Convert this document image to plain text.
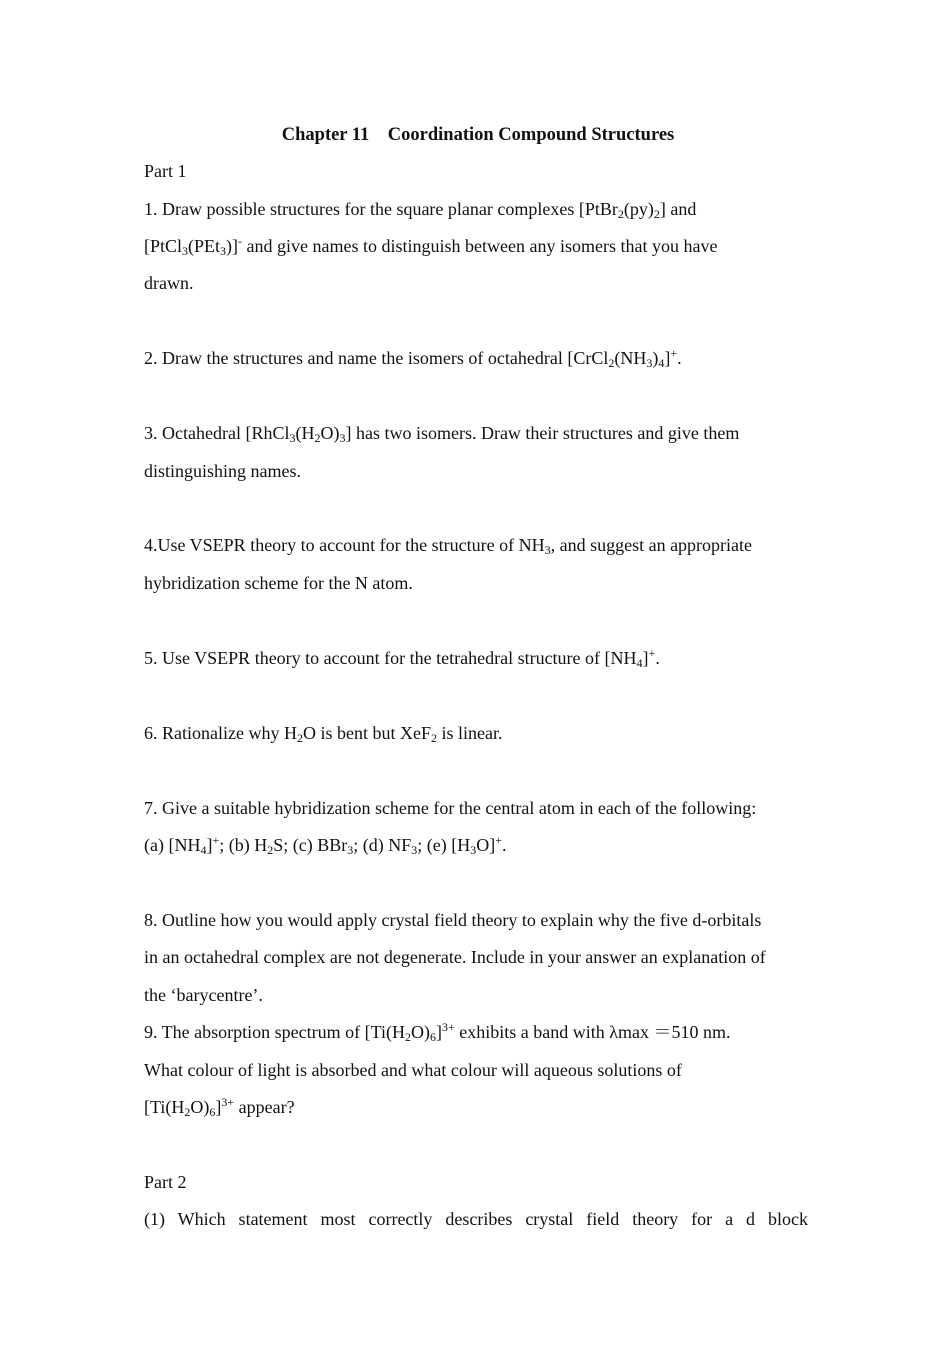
Chapter 11　Coordination Compound Structures
Part 1
1. Draw possible structures for the square planar complexes $[PtBr_2(py)_2]$ and
[PtCl$_3$(PEt$_3$)]- and give names to distinguish between any isomers that you have
drawn.
2. Draw the structures and name the isomers of octahedral $[CrCl_2(NH_3)_4]^+$.
3. Octahedral $[RhCl_3(H_2O)_3]$ has two isomers. Draw their structures and give them
distinguishing names.
4.Use VSEPR theory to account for the structure of $NH_3$, and suggest an appropriate
hybridization scheme for the N atom.
5. Use VSEPR theory to account for the tetrahedral structure of $[NH_4]^+$.
6. Rationalize why $H_2O$ is bent but XeF$_2$ is linear.
7. Give a suitable hybridization scheme for the central atom in each of the following:
(a) $[NH_4]^+$; (b) $H_2S$; (c) BBr$_3$; (d) $NF_3$; (e) $[H_3O]^+$.
8. Outline how you would apply crystal field theory to explain why the five d-orbitals
in an octahedral complex are not degenerate. Include in your answer an explanation of
the ‘barycentre’.
9. The absorption spectrum of $[Ti(H_2O)_6]^{3+}$ exhibits a band with λmax ＝510 nm.
What colour of light is absorbed and what colour will aqueous solutions of
$[Ti(H_2O)_6]^{3+}$ appear?
Part 2
(1) Which statement most correctly describes crystal field theory for a d block
